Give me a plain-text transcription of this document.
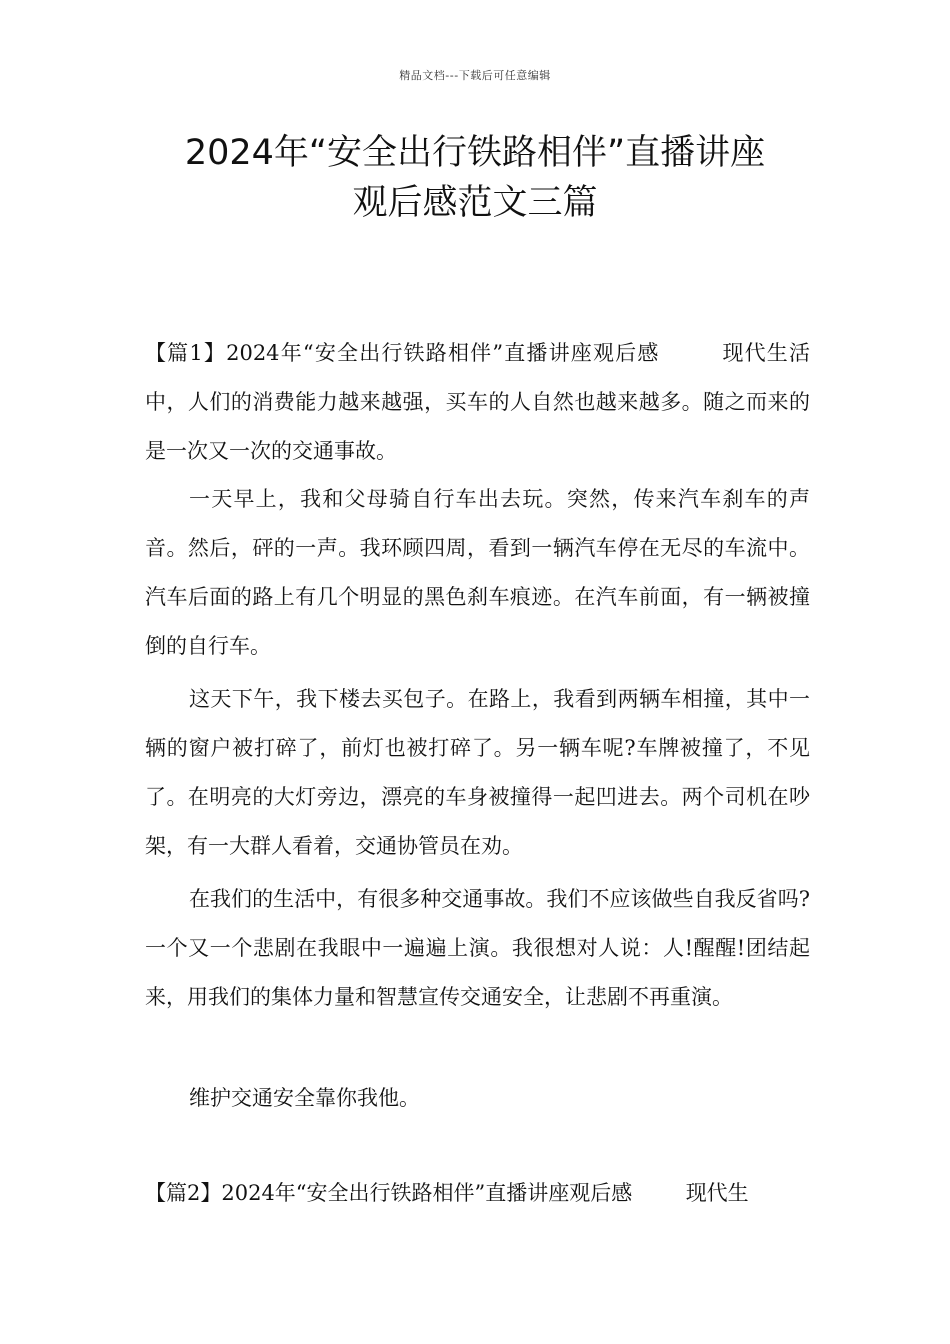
精品文档---下载后可任意编辑
2024年“安全出行铁路相伴”直播讲座
观后感范文三篇

【篇1】2024年“安全出行铁路相伴”直播讲座观后感	现代生活中，人们的消费能力越来越强，买车的人自然也越来越多。随之而来的是一次又一次的交通事故。

一天早上，我和父母骑自行车出去玩。突然，传来汽车刹车的声音。然后，砰的一声。我环顾四周，看到一辆汽车停在无尽的车流中。汽车后面的路上有几个明显的黑色刹车痕迹。在汽车前面，有一辆被撞倒的自行车。

这天下午，我下楼去买包子。在路上，我看到两辆车相撞，其中一辆的窗户被打碎了，前灯也被打碎了。另一辆车呢?车牌被撞了，不见了。在明亮的大灯旁边，漂亮的车身被撞得一起凹进去。两个司机在吵架，有一大群人看着，交通协管员在劝。

在我们的生活中，有很多种交通事故。我们不应该做些自我反省吗?一个又一个悲剧在我眼中一遍遍上演。我很想对人说：人!醒醒!团结起来，用我们的集体力量和智慧宣传交通安全，让悲剧不再重演。

维护交通安全靠你我他。

【篇2】2024年“安全出行铁路相伴”直播讲座观后感	现代生
